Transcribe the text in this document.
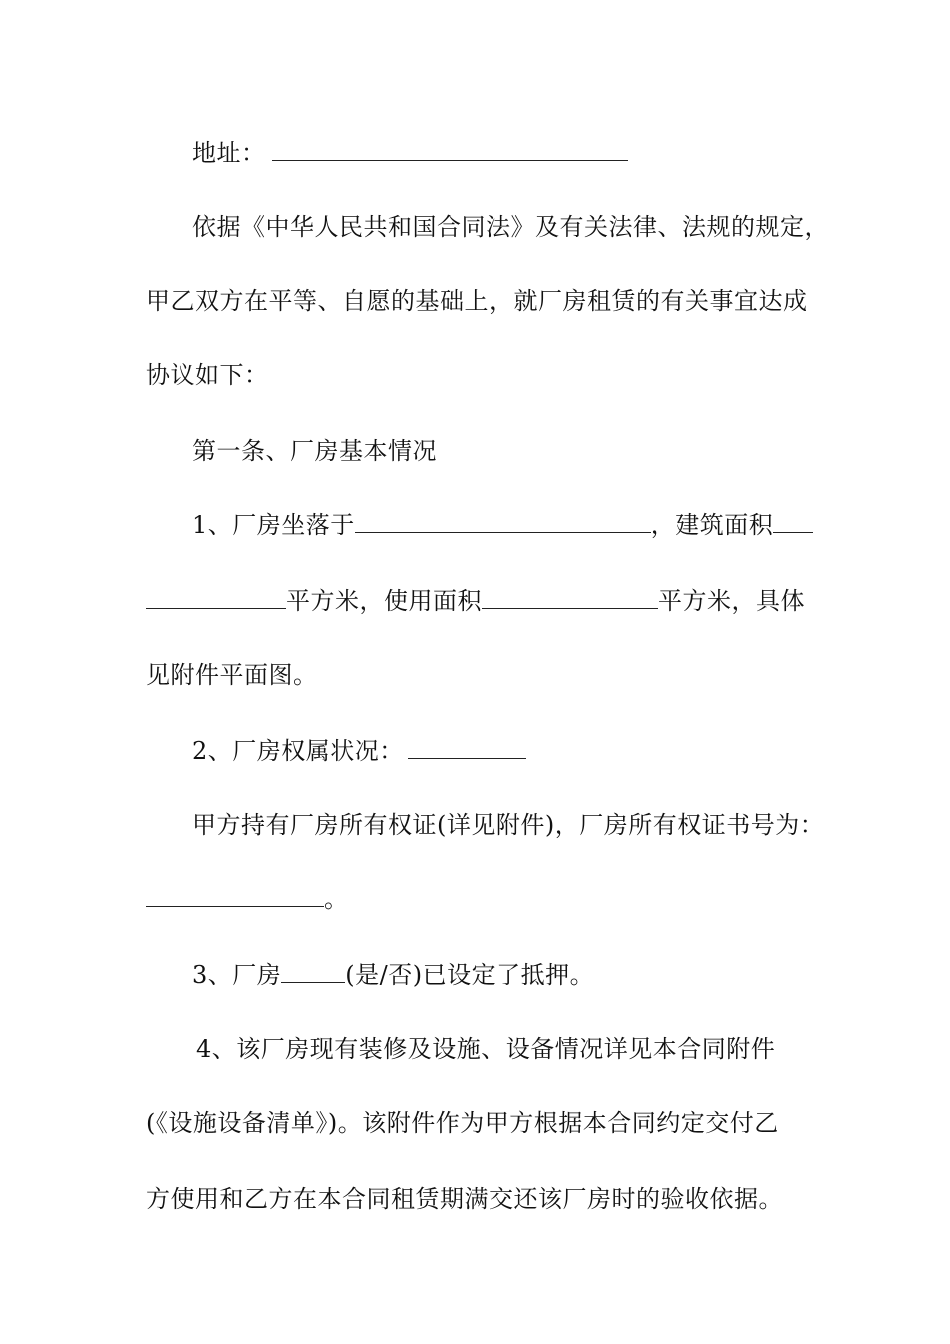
地址：
依据《中华人民共和国合同法》及有关法律、法规的规定，
甲乙双方在平等、自愿的基础上，就厂房租赁的有关事宜达成
协议如下：
第一条、厂房基本情况
1、厂房坐落于	，建筑面积
平方米，使用面积	平方米，具体
见附件平面图。
2、厂房权属状况：
甲方持有厂房所有权证(详见附件)，厂房所有权证书号为：
。
3、厂房	(是/否)已设定了抵押。
4、该厂房现有装修及设施、设备情况详见本合同附件
(《设施设备清单》)。该附件作为甲方根据本合同约定交付乙
方使用和乙方在本合同租赁期满交还该厂房时的验收依据。
